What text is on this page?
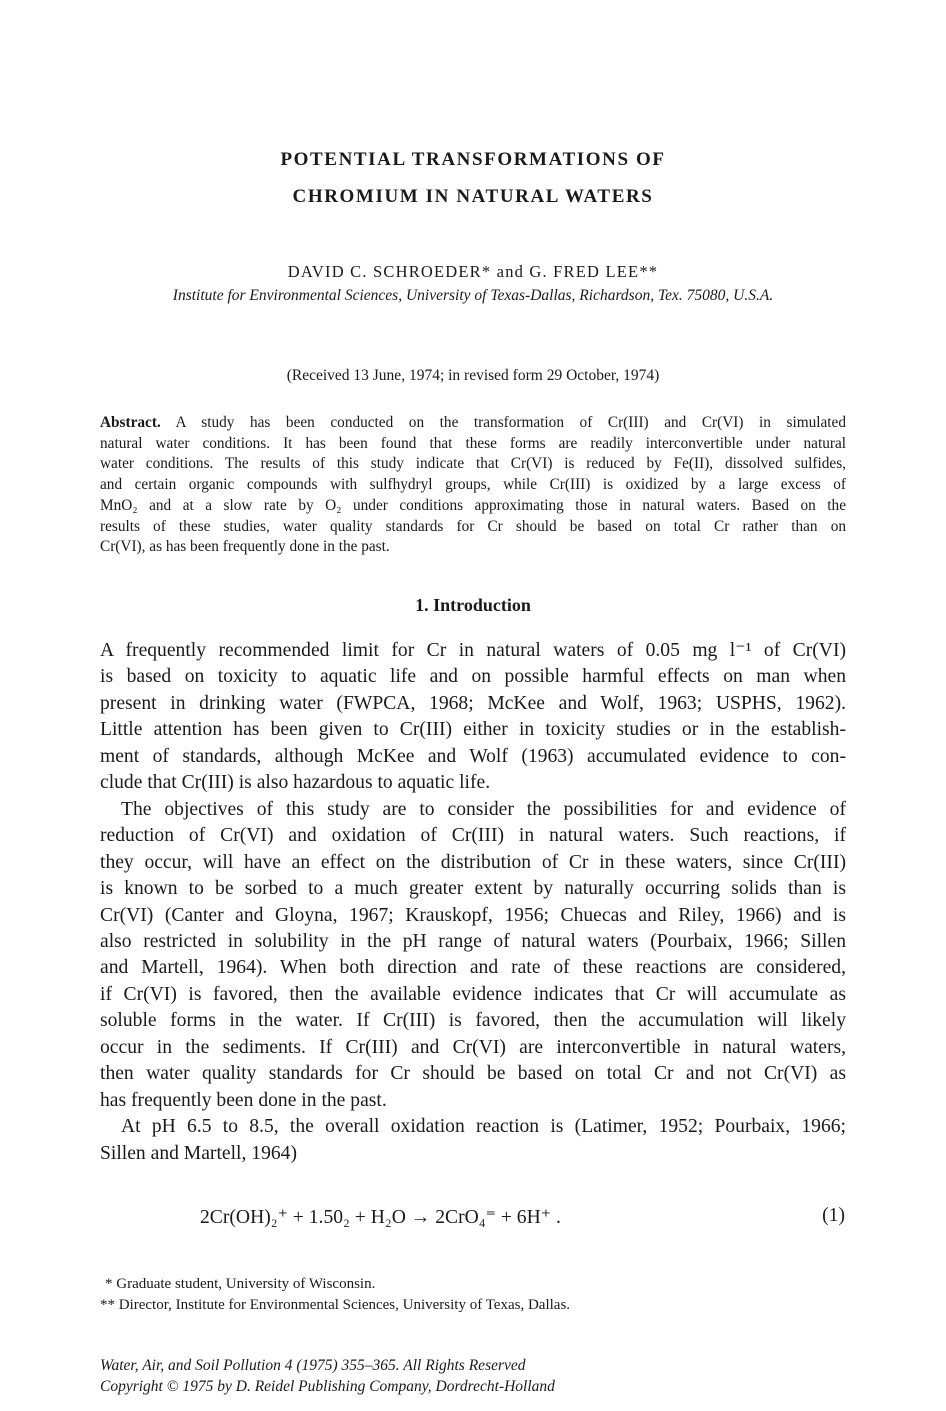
POTENTIAL TRANSFORMATIONS OF
CHROMIUM IN NATURAL WATERS
DAVID C. SCHROEDER* and G. FRED LEE**
Institute for Environmental Sciences, University of Texas-Dallas, Richardson, Tex. 75080, U.S.A.
(Received 13 June, 1974; in revised form 29 October, 1974)
Abstract. A study has been conducted on the transformation of Cr(III) and Cr(VI) in simulated
natural water conditions. It has been found that these forms are readily interconvertible under natural
water conditions. The results of this study indicate that Cr(VI) is reduced by Fe(II), dissolved sulfides,
and certain organic compounds with sulfhydryl groups, while Cr(III) is oxidized by a large excess of
MnO₂ and at a slow rate by O₂ under conditions approximating those in natural waters. Based on the
results of these studies, water quality standards for Cr should be based on total Cr rather than on
Cr(VI), as has been frequently done in the past.
1. Introduction
A frequently recommended limit for Cr in natural waters of 0.05 mg l⁻¹ of Cr(VI)
is based on toxicity to aquatic life and on possible harmful effects on man when
present in drinking water (FWPCA, 1968; McKee and Wolf, 1963; USPHS, 1962).
Little attention has been given to Cr(III) either in toxicity studies or in the establish-
ment of standards, although McKee and Wolf (1963) accumulated evidence to con-
clude that Cr(III) is also hazardous to aquatic life.
The objectives of this study are to consider the possibilities for and evidence of
reduction of Cr(VI) and oxidation of Cr(III) in natural waters. Such reactions, if
they occur, will have an effect on the distribution of Cr in these waters, since Cr(III)
is known to be sorbed to a much greater extent by naturally occurring solids than is
Cr(VI) (Canter and Gloyna, 1967; Krauskopf, 1956; Chuecas and Riley, 1966) and is
also restricted in solubility in the pH range of natural waters (Pourbaix, 1966; Sillen
and Martell, 1964). When both direction and rate of these reactions are considered,
if Cr(VI) is favored, then the available evidence indicates that Cr will accumulate as
soluble forms in the water. If Cr(III) is favored, then the accumulation will likely
occur in the sediments. If Cr(III) and Cr(VI) are interconvertible in natural waters,
then water quality standards for Cr should be based on total Cr and not Cr(VI) as
has frequently been done in the past.
At pH 6.5 to 8.5, the overall oxidation reaction is (Latimer, 1952; Pourbaix, 1966;
Sillen and Martell, 1964)
2Cr(OH)₂⁺ + 1.50₂ + H₂O → 2CrO₄⁼ + 6H⁺ .	(1)
* Graduate student, University of Wisconsin.
** Director, Institute for Environmental Sciences, University of Texas, Dallas.
Water, Air, and Soil Pollution 4 (1975) 355–365. All Rights Reserved
Copyright © 1975 by D. Reidel Publishing Company, Dordrecht-Holland
